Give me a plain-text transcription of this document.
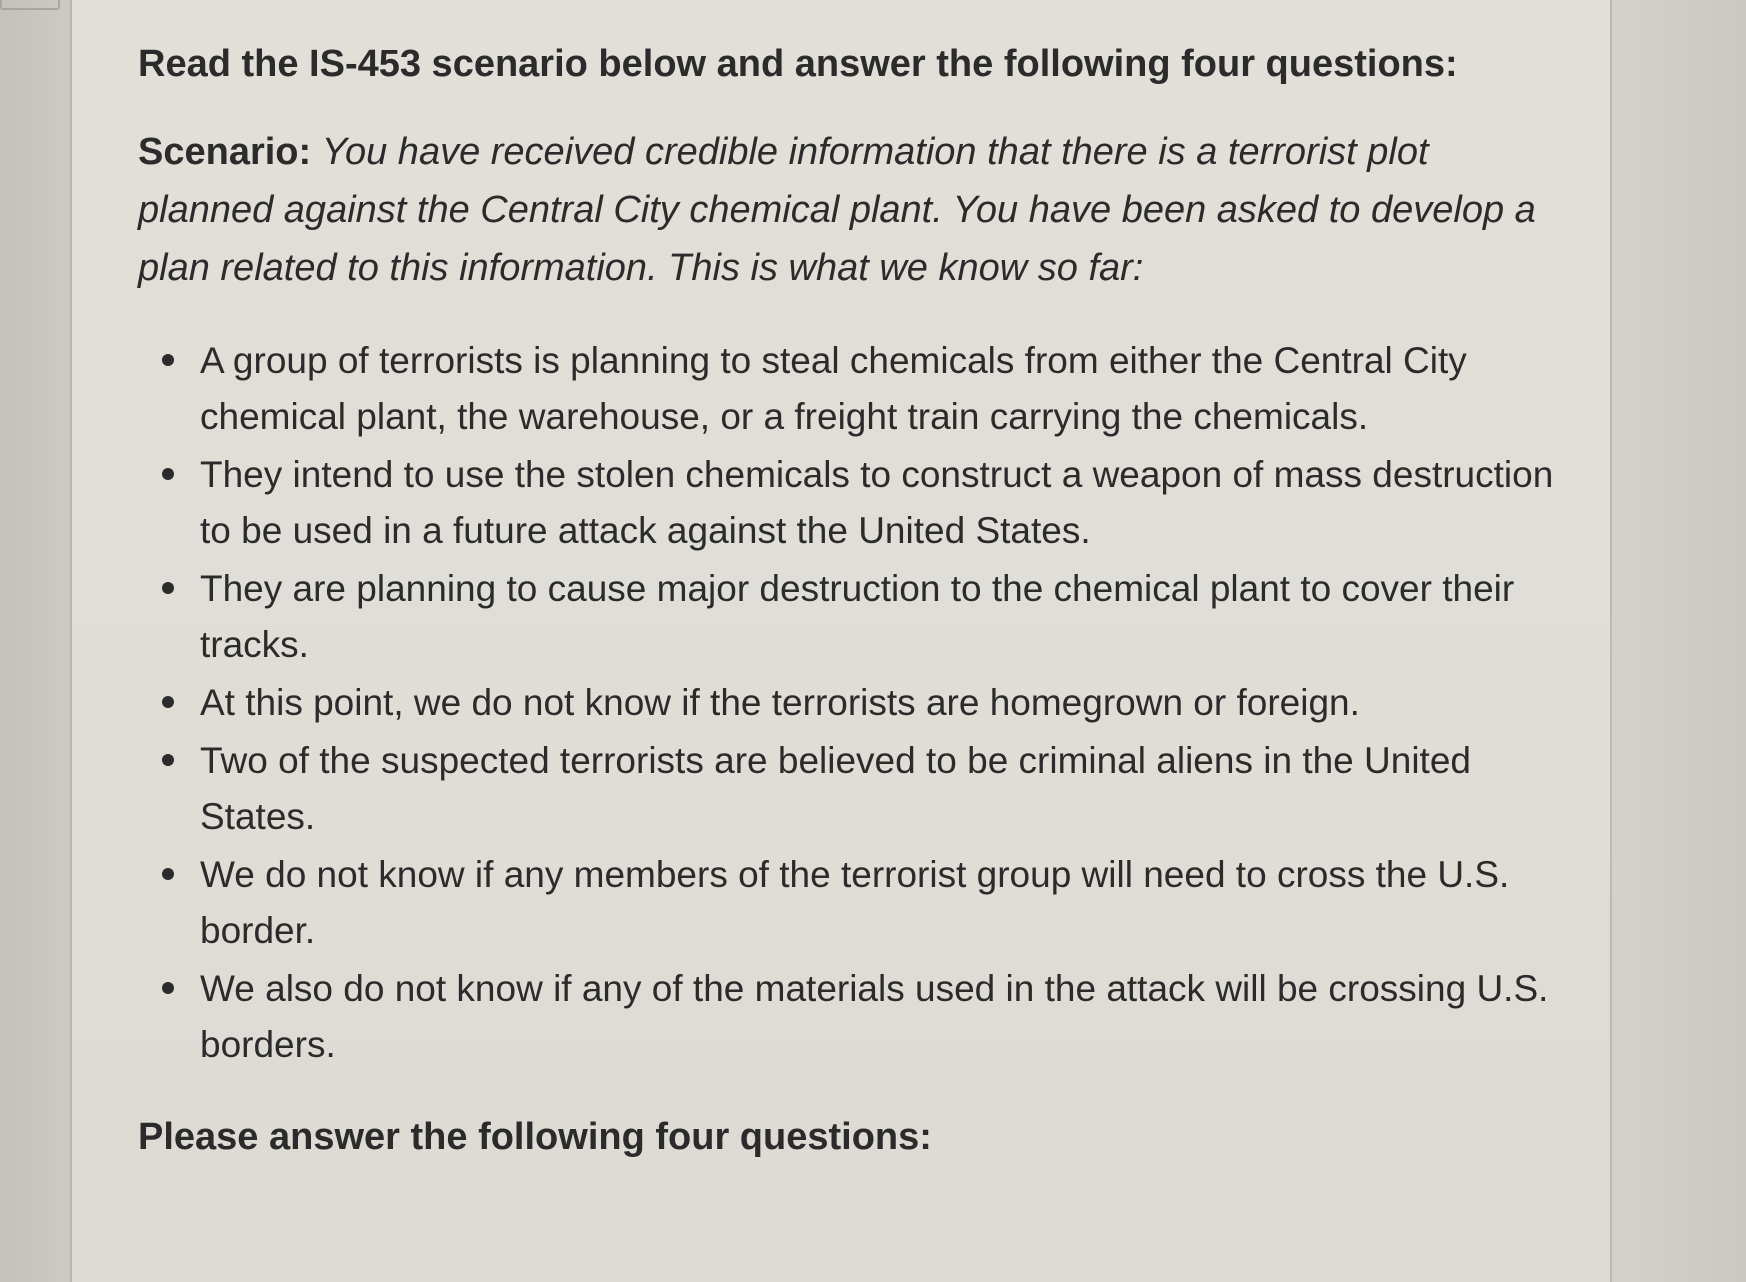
Read the IS-453 scenario below and answer the following four questions:

Scenario: You have received credible information that there is a terrorist plot planned against the Central City chemical plant. You have been asked to develop a plan related to this information. This is what we know so far:

A group of terrorists is planning to steal chemicals from either the Central City chemical plant, the warehouse, or a freight train carrying the chemicals.
They intend to use the stolen chemicals to construct a weapon of mass destruction to be used in a future attack against the United States.
They are planning to cause major destruction to the chemical plant to cover their tracks.
At this point, we do not know if the terrorists are homegrown or foreign.
Two of the suspected terrorists are believed to be criminal aliens in the United States.
We do not know if any members of the terrorist group will need to cross the U.S. border.
We also do not know if any of the materials used in the attack will be crossing U.S. borders.

Please answer the following four questions:
